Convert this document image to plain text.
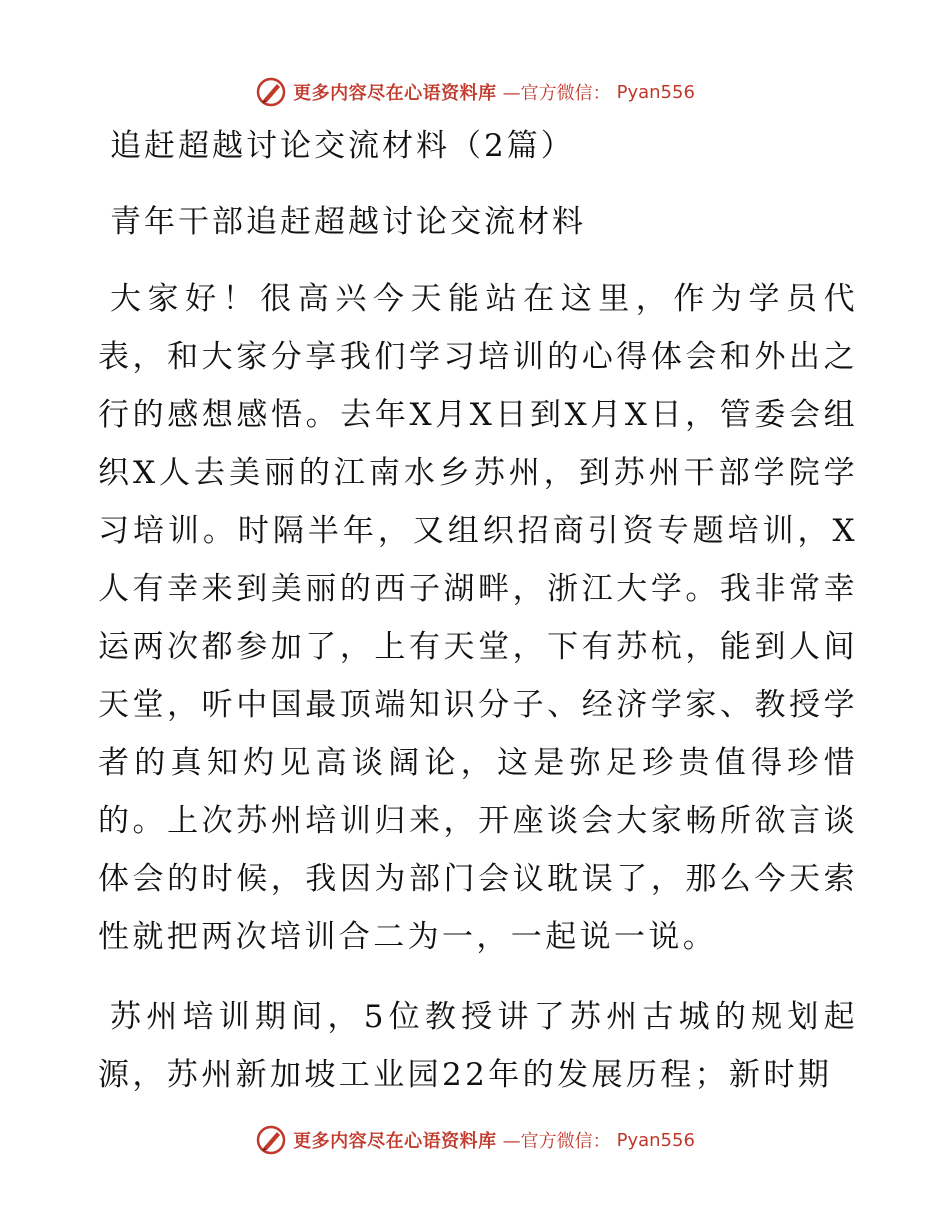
更多内容尽在心语资料库 —官方微信： Pyan556
追赶超越讨论交流材料（2篇）
青年干部追赶超越讨论交流材料

大家好！很高兴今天能站在这里，作为学员代表，和大家分享我们学习培训的心得体会和外出之行的感想感悟。去年X月X日到X月X日，管委会组织X人去美丽的江南水乡苏州，到苏州干部学院学习培训。时隔半年，又组织招商引资专题培训，X人有幸来到美丽的西子湖畔，浙江大学。我非常幸运两次都参加了，上有天堂，下有苏杭，能到人间天堂，听中国最顶端知识分子、经济学家、教授学者的真知灼见高谈阔论，这是弥足珍贵值得珍惜的。上次苏州培训归来，开座谈会大家畅所欲言谈体会的时候，我因为部门会议耽误了，那么今天索性就把两次培训合二为一，一起说一说。

苏州培训期间，5位教授讲了苏州古城的规划起源，苏州新加坡工业园22年的发展历程；新时期

更多内容尽在心语资料库 —官方微信： Pyan556
